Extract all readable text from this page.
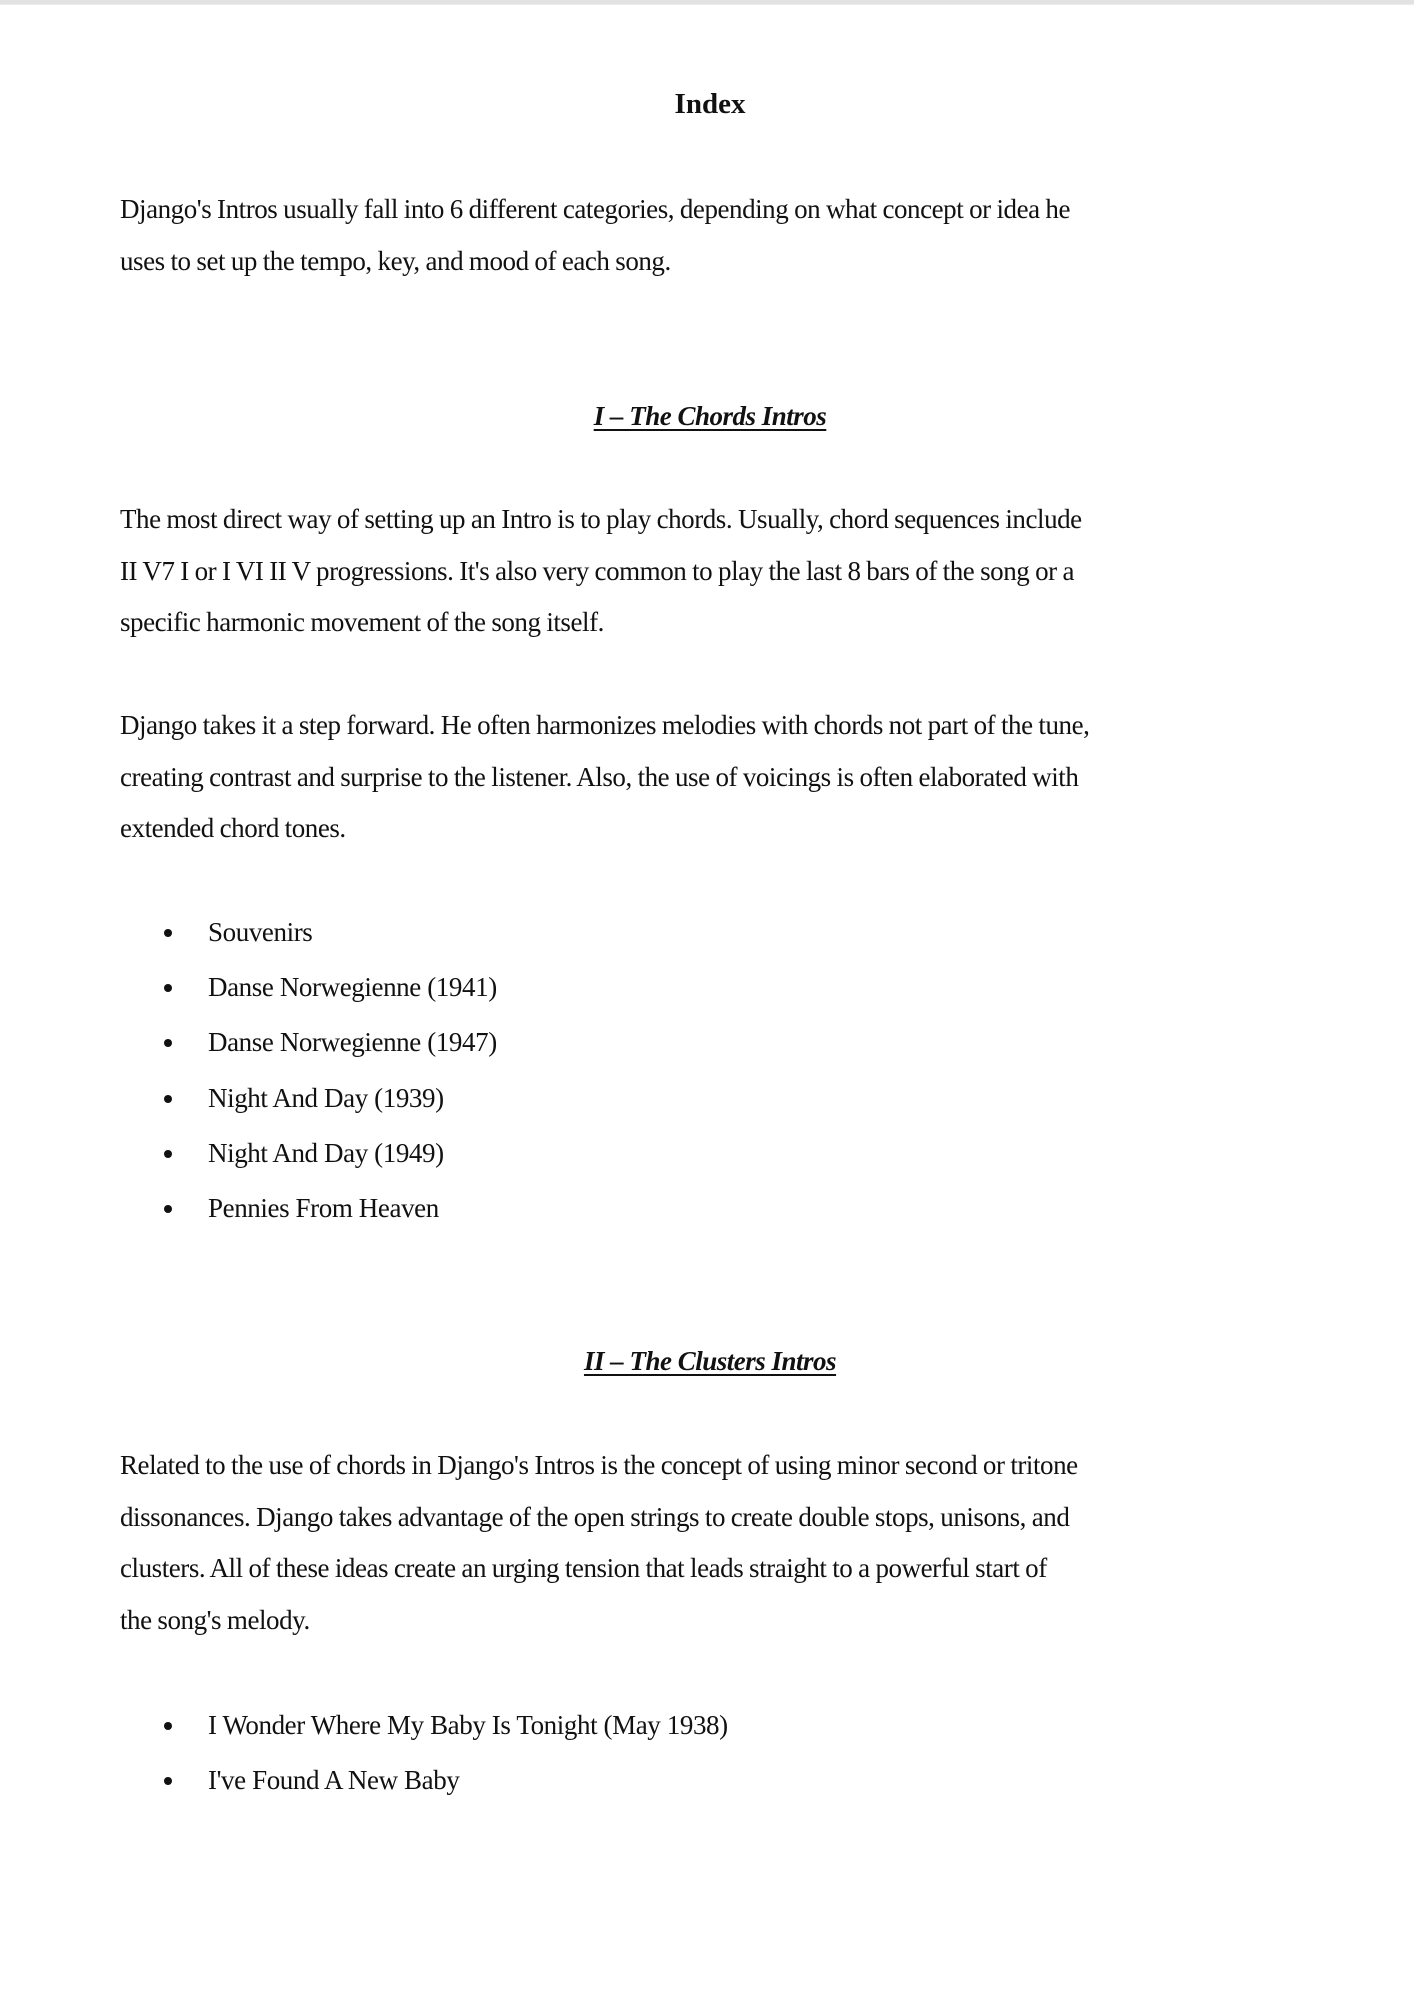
Index

Django's Intros usually fall into 6 different categories, depending on what concept or idea he
uses to set up the tempo, key, and mood of each song.

I – The Chords Intros

The most direct way of setting up an Intro is to play chords. Usually, chord sequences include
II V7 I or I VI II V progressions. It's also very common to play the last 8 bars of the song or a
specific harmonic movement of the song itself.

Django takes it a step forward. He often harmonizes melodies with chords not part of the tune,
creating contrast and surprise to the listener. Also, the use of voicings is often elaborated with
extended chord tones.

Souvenirs
Danse Norwegienne (1941)
Danse Norwegienne (1947)
Night And Day (1939)
Night And Day (1949)
Pennies From Heaven
II – The Clusters Intros

Related to the use of chords in Django's Intros is the concept of using minor second or tritone
dissonances. Django takes advantage of the open strings to create double stops, unisons, and
clusters. All of these ideas create an urging tension that leads straight to a powerful start of
the song's melody.

I Wonder Where My Baby Is Tonight (May 1938)
I've Found A New Baby
